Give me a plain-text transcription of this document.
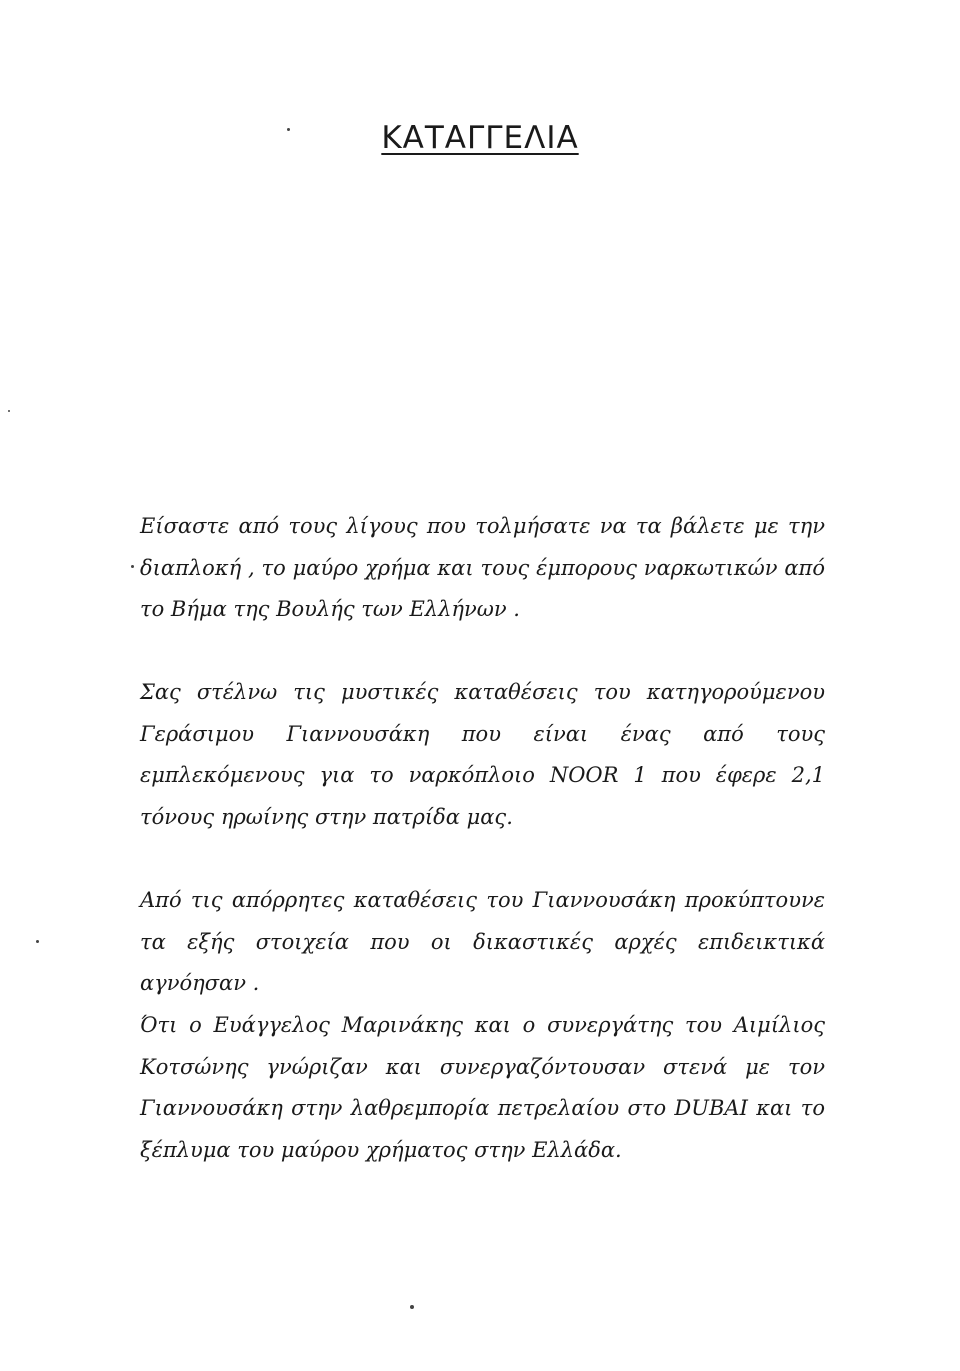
ΚΑΤΑΓΓΕΛΙΑ
Είσαστε από τους λίγους που τολμήσατε να τα βάλετε με την διαπλοκή , το μαύρο χρήμα και τους έμπορους ναρκωτικών από το Βήμα της Βουλής των Ελλήνων .
Σας στέλνω τις μυστικές καταθέσεις του κατηγορούμενου Γεράσιμου Γιαννουσάκη που είναι ένας από τους εμπλεκόμενους για το ναρκόπλοιο NOOR 1 που έφερε 2,1 τόνους ηρωίνης στην πατρίδα μας.
Από τις απόρρητες καταθέσεις του Γιαννουσάκη προκύπτουνε τα εξής στοιχεία που οι δικαστικές αρχές επιδεικτικά αγνόησαν .
Ότι ο Ευάγγελος Μαρινάκης και ο συνεργάτης του Αιμίλιος Κοτσώνης γνώριζαν και συνεργαζόντουσαν στενά με τον Γιαννουσάκη στην λαθρεμπορία πετρελαίου στο DUBAI και το ξέπλυμα του μαύρου χρήματος στην Ελλάδα.
